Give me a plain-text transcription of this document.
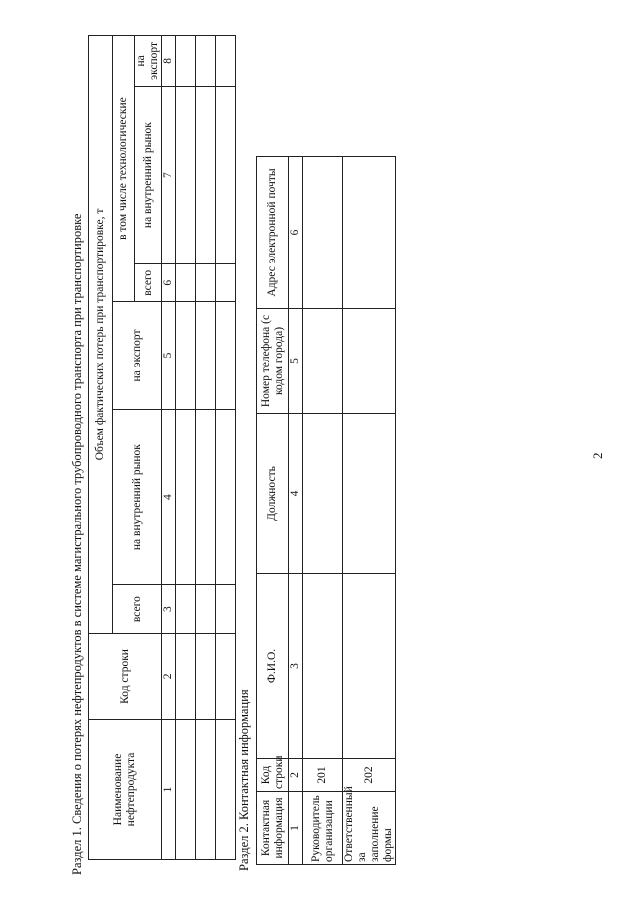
2
Раздел 1. Сведения о потерях нефтепродуктов в системе магистрального трубопроводного транспорта при транспортировке Наименование нефтепродукта	Код строки	Объем фактических потерь при транспортировке, т					
		всего	на внутренний рынок	на экспорт	в том числе технологические		
					всего	на внутренний рынок	на экспорт
1	2	3	4	5	6	7	8

Раздел 2. Контактная информация Контактная информация	Код строки	Ф.И.О.	Должность	Номер телефона (с кодом города)	Адрес электронной почты
1	2	3	4	5	6
Руководитель организации	201				
Ответственный за заполнение формы	202				
